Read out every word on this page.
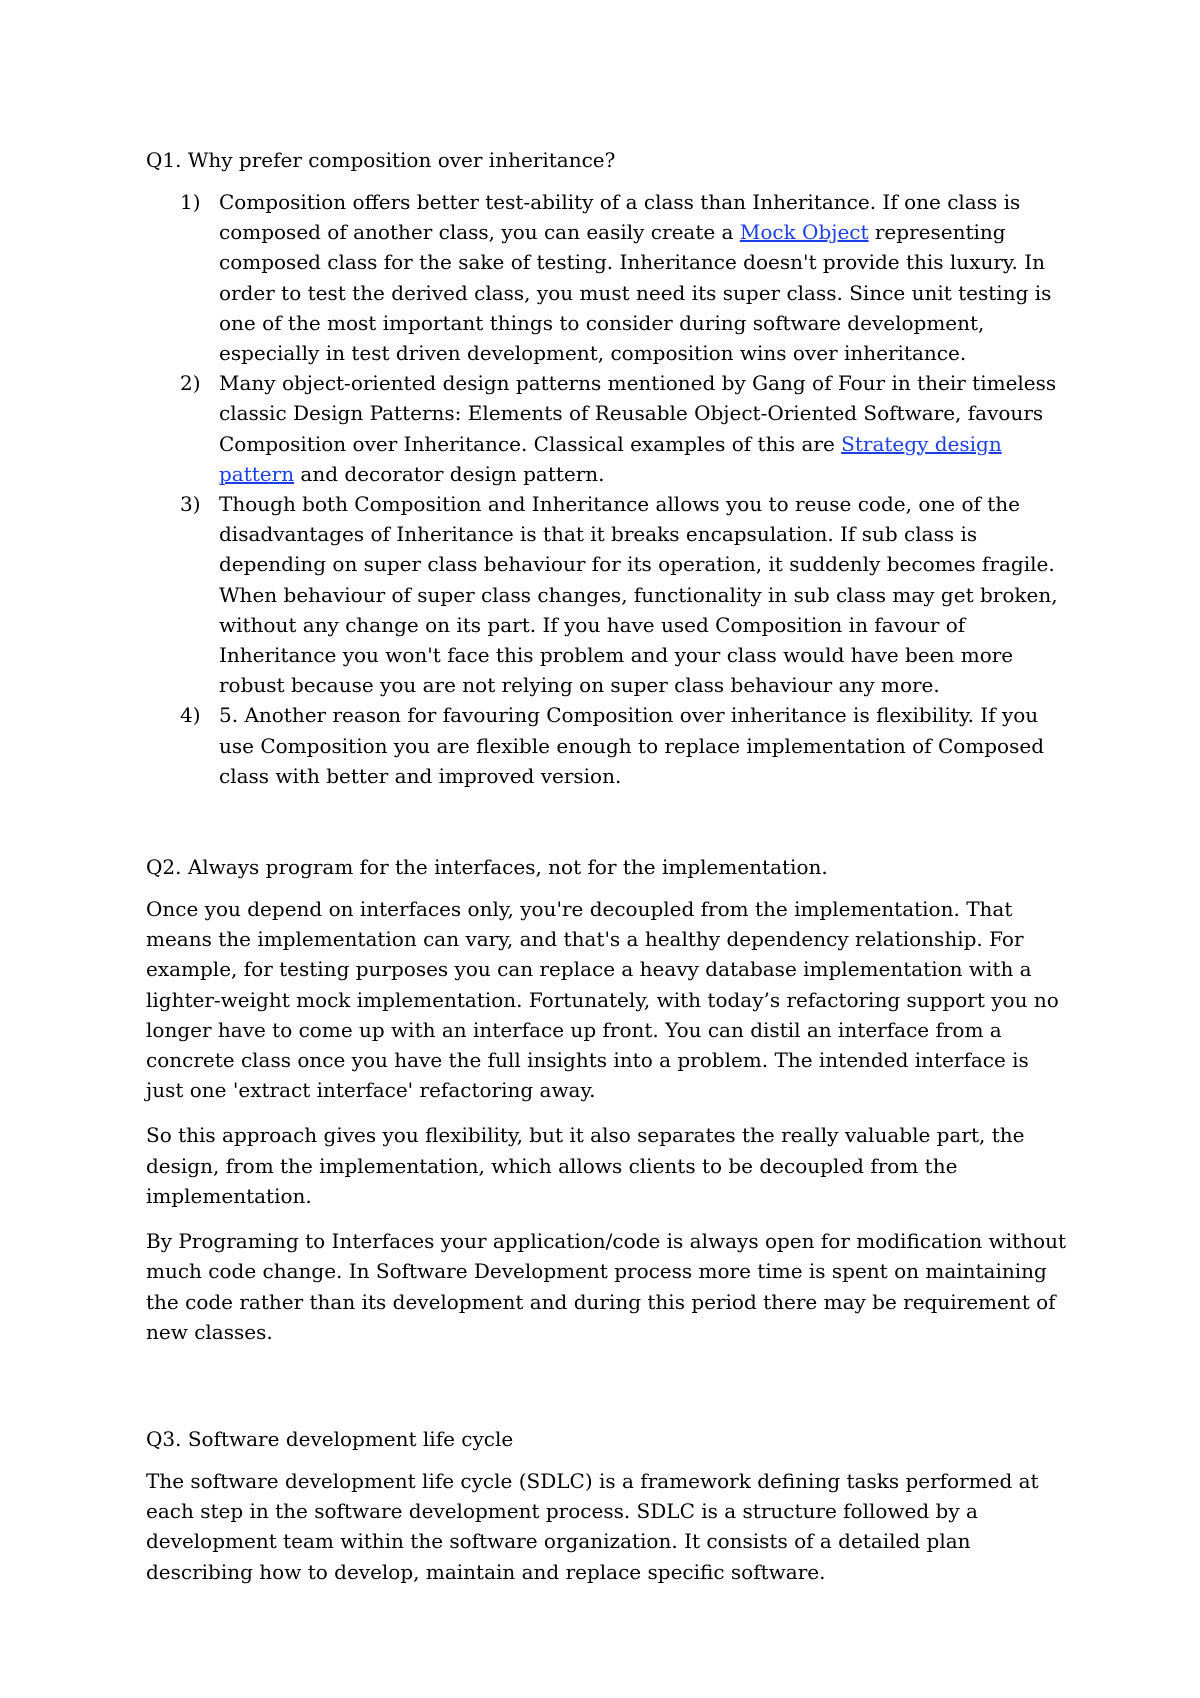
Q1. Why prefer composition over inheritance?

1) Composition offers better test-ability of a class than Inheritance. If one class is composed of another class, you can easily create a Mock Object representing composed class for the sake of testing. Inheritance doesn't provide this luxury. In order to test the derived class, you must need its super class. Since unit testing is one of the most important things to consider during software development, especially in test driven development, composition wins over inheritance.
2) Many object-oriented design patterns mentioned by Gang of Four in their timeless classic Design Patterns: Elements of Reusable Object-Oriented Software, favours Composition over Inheritance. Classical examples of this are Strategy design pattern and decorator design pattern.
3) Though both Composition and Inheritance allows you to reuse code, one of the disadvantages of Inheritance is that it breaks encapsulation. If sub class is depending on super class behaviour for its operation, it suddenly becomes fragile. When behaviour of super class changes, functionality in sub class may get broken, without any change on its part. If you have used Composition in favour of Inheritance you won't face this problem and your class would have been more robust because you are not relying on super class behaviour any more.
4) 5. Another reason for favouring Composition over inheritance is flexibility. If you use Composition you are flexible enough to replace implementation of Composed class with better and improved version.

Q2. Always program for the interfaces, not for the implementation.

Once you depend on interfaces only, you're decoupled from the implementation. That means the implementation can vary, and that's a healthy dependency relationship. For example, for testing purposes you can replace a heavy database implementation with a lighter-weight mock implementation. Fortunately, with today’s refactoring support you no longer have to come up with an interface up front. You can distil an interface from a concrete class once you have the full insights into a problem. The intended interface is just one 'extract interface' refactoring away.

So this approach gives you flexibility, but it also separates the really valuable part, the design, from the implementation, which allows clients to be decoupled from the implementation.

By Programing to Interfaces your application/code is always open for modification without much code change. In Software Development process more time is spent on maintaining the code rather than its development and during this period there may be requirement of new classes.

Q3. Software development life cycle

The software development life cycle (SDLC) is a framework defining tasks performed at each step in the software development process. SDLC is a structure followed by a development team within the software organization. It consists of a detailed plan describing how to develop, maintain and replace specific software.
